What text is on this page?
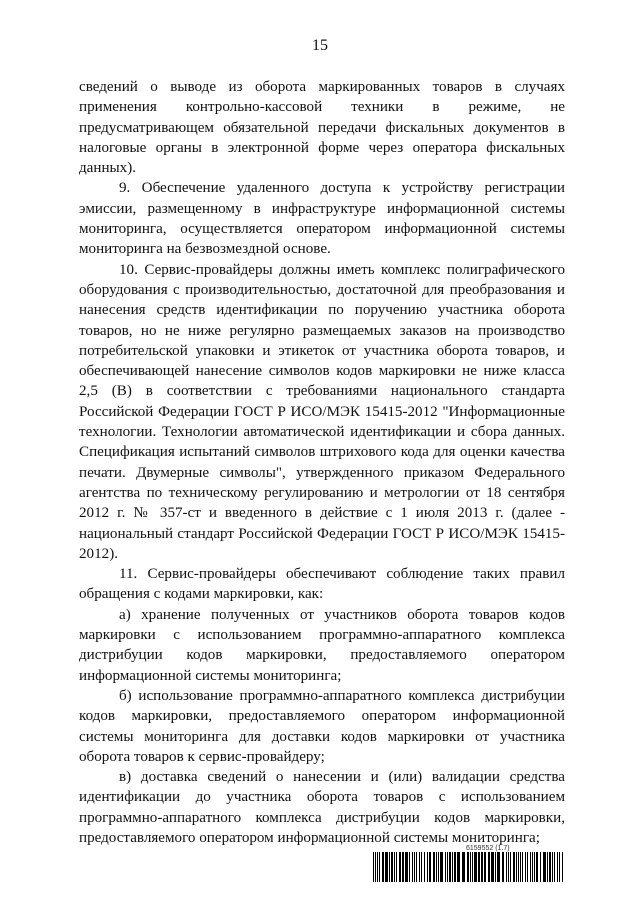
15

сведений о выводе из оборота маркированных товаров в случаях применения контрольно-кассовой техники в режиме, не предусматривающем обязательной передачи фискальных документов в налоговые органы в электронной форме через оператора фискальных данных).

9. Обеспечение удаленного доступа к устройству регистрации эмиссии, размещенному в инфраструктуре информационной системы мониторинга, осуществляется оператором информационной системы мониторинга на безвозмездной основе.

10. Сервис-провайдеры должны иметь комплекс полиграфического оборудования с производительностью, достаточной для преобразования и нанесения средств идентификации по поручению участника оборота товаров, но не ниже регулярно размещаемых заказов на производство потребительской упаковки и этикеток от участника оборота товаров, и обеспечивающей нанесение символов кодов маркировки не ниже класса 2,5 (B) в соответствии с требованиями национального стандарта Российской Федерации ГОСТ Р ИСО/МЭК 15415-2012 "Информационные технологии. Технологии автоматической идентификации и сбора данных. Спецификация испытаний символов штрихового кода для оценки качества печати. Двумерные символы", утвержденного приказом Федерального агентства по техническому регулированию и метрологии от 18 сентября 2012 г. № 357-ст и введенного в действие с 1 июля 2013 г. (далее - национальный стандарт Российской Федерации ГОСТ Р ИСО/МЭК 15415-2012).

11. Сервис-провайдеры обеспечивают соблюдение таких правил обращения с кодами маркировки, как:

а) хранение полученных от участников оборота товаров кодов маркировки с использованием программно-аппаратного комплекса дистрибуции кодов маркировки, предоставляемого оператором информационной системы мониторинга;

б) использование программно-аппаратного комплекса дистрибуции кодов маркировки, предоставляемого оператором информационной системы мониторинга для доставки кодов маркировки от участника оборота товаров к сервис-провайдеру;

в) доставка сведений о нанесении и (или) валидации средства идентификации до участника оборота товаров с использованием программно-аппаратного комплекса дистрибуции кодов маркировки, предоставляемого оператором информационной системы мониторинга;

6159552 (1.7)
